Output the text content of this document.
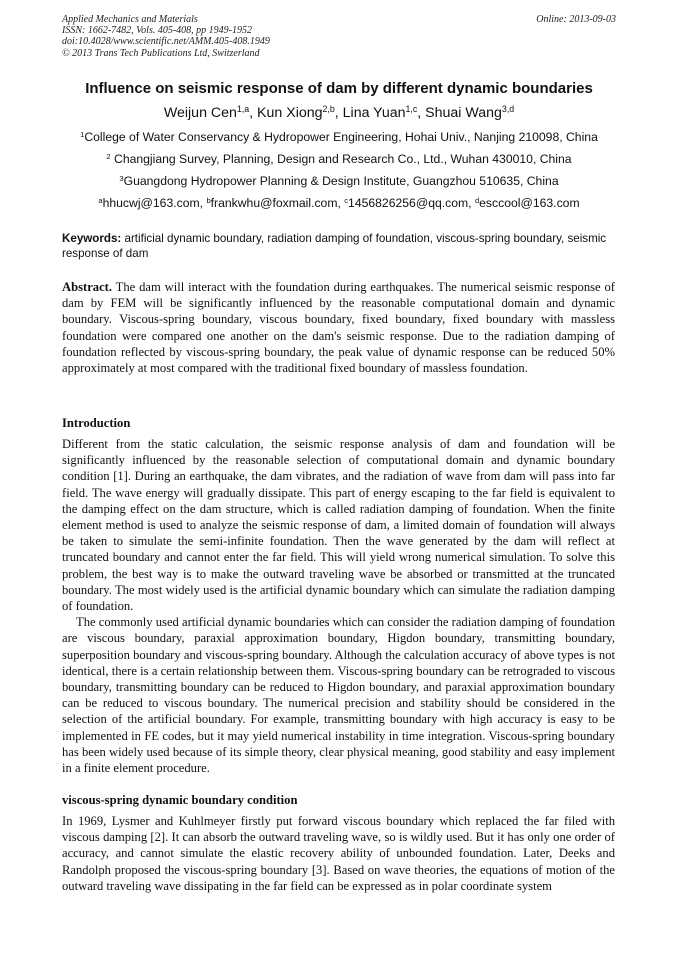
Applied Mechanics and Materials
ISSN: 1662-7482, Vols. 405-408, pp 1949-1952
doi:10.4028/www.scientific.net/AMM.405-408.1949
© 2013 Trans Tech Publications Ltd, Switzerland
Online: 2013-09-03
Influence on seismic response of dam by different dynamic boundaries
Weijun Cen$^{1,a}$, Kun Xiong$^{2,b}$, Lina Yuan$^{1,c}$, Shuai Wang$^{3,d}$
$^1$College of Water Conservancy & Hydropower Engineering, Hohai Univ., Nanjing 210098, China
$^2$ Changjiang Survey, Planning, Design and Research Co., Ltd., Wuhan 430010, China
$^3$Guangdong Hydropower Planning & Design Institute, Guangzhou 510635, China
$^a$hhucwj@163.com, $^b$frankwhu@foxmail.com, $^c$1456826256@qq.com, $^d$esccool@163.com
Keywords: artificial dynamic boundary, radiation damping of foundation, viscous-spring boundary, seismic response of dam

Abstract. The dam will interact with the foundation during earthquakes. The numerical seismic response of dam by FEM will be significantly influenced by the reasonable computational domain and dynamic boundary. Viscous-spring boundary, viscous boundary, fixed boundary, fixed boundary with massless foundation were compared one another on the dam's seismic response. Due to the radiation damping of foundation reflected by viscous-spring boundary, the peak value of dynamic response can be reduced 50% approximately at most compared with the traditional fixed boundary of massless foundation.

Introduction

Different from the static calculation, the seismic response analysis of dam and foundation will be significantly influenced by the reasonable selection of computational domain and dynamic boundary condition [1]. During an earthquake, the dam vibrates, and the radiation of wave from dam will pass into far field. The wave energy will gradually dissipate. This part of energy escaping to the far field is equivalent to the damping effect on the dam structure, which is called radiation damping of foundation. When the finite element method is used to analyze the seismic response of dam, a limited domain of foundation will always be taken to simulate the semi-infinite foundation. Then the wave generated by the dam will reflect at truncated boundary and cannot enter the far field. This will yield wrong numerical simulation. To solve this problem, the best way is to make the outward traveling wave be absorbed or transmitted at the truncated boundary. The most widely used is the artificial dynamic boundary which can simulate the radiation damping of foundation.

The commonly used artificial dynamic boundaries which can consider the radiation damping of foundation are viscous boundary, paraxial approximation boundary, Higdon boundary, transmitting boundary, superposition boundary and viscous-spring boundary. Although the calculation accuracy of above types is not identical, there is a certain relationship between them. Viscous-spring boundary can be retrograded to viscous boundary, transmitting boundary can be reduced to Higdon boundary, and paraxial approximation boundary can be reduced to viscous boundary. The numerical precision and stability should be considered in the selection of the artificial boundary. For example, transmitting boundary with high accuracy is easy to be implemented in FE codes, but it may yield numerical instability in time integration. Viscous-spring boundary has been widely used because of its simple theory, clear physical meaning, good stability and easy implement in a finite element procedure.

viscous-spring dynamic boundary condition

In 1969, Lysmer and Kuhlmeyer firstly put forward viscous boundary which replaced the far filed with viscous damping [2]. It can absorb the outward traveling wave, so is wildly used. But it has only one order of accuracy, and cannot simulate the elastic recovery ability of unbounded foundation. Later, Deeks and Randolph proposed the viscous-spring boundary [3]. Based on wave theories, the equations of motion of the outward traveling wave dissipating in the far field can be expressed as in polar coordinate system
